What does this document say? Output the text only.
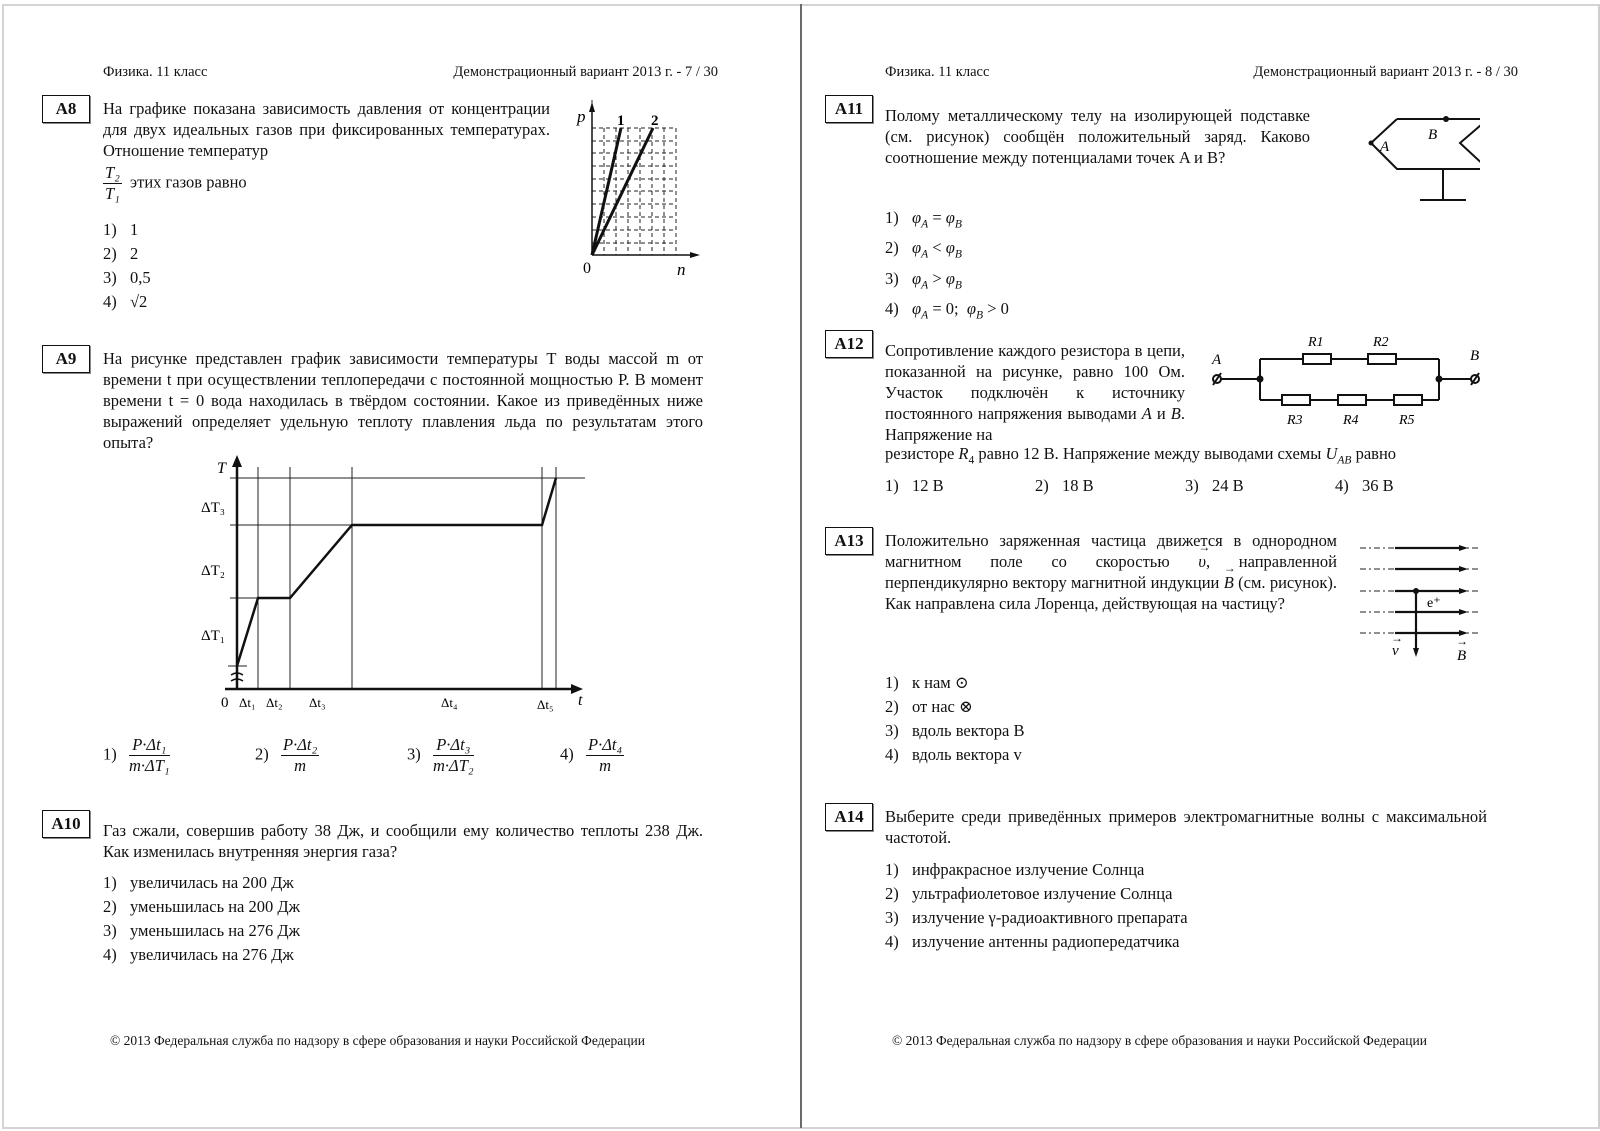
Физика. 11 класс	Демонстрационный вариант 2013 г. - 7 / 30
А8	На графике показана зависимость давления от концентрации для двух идеальных газов при фиксированных температурах. Отношение температур
$\frac{\text{T₂}}{\text{T₁}}$ этих газов равно
1) 1
2) 2
3) 0,5
4) √2
p 1 2
0	n
А9	На рисунке представлен график зависимости температуры T воды массой m от времени t при осуществлении теплопередачи с постоянной мощностью P. В момент времени t = 0 вода находилась в твёрдом состоянии. Какое из приведённых ниже выражений определяет удельную теплоту плавления льда по результатам этого опыта?
T
ΔT₃
ΔT₂
ΔT₁
0 Δt₁ Δt₂ Δt₃	Δt₄	Δt₅ t
$1) \frac{\text{P·Δt₁}}{\text{m·ΔT₁}}$	$2) \frac{\text{P·Δt₂}}{m}$	$3) \frac{\text{P·Δt₃}}{\text{m·ΔT₂}}$	$4) \frac{\text{P·Δt₄}}{m}$
А10	Газ сжали, совершив работу 38 Дж, и сообщили ему количество теплоты 238 Дж. Как изменилась внутренняя энергия газа?
1) увеличилась на 200 Дж
2) уменьшилась на 200 Дж
3) уменьшилась на 276 Дж
4) увеличилась на 276 Дж
© 2013 Федеральная служба по надзору в сфере образования и науки Российской Федерации
Физика. 11 класс	Демонстрационный вариант 2013 г. - 8 / 30
А11	Полому металлическому телу на изолирующей подставке (см. рисунок) сообщён положительный заряд. Каково соотношение между потенциалами точек A и B?
A
B
1) $\varphi_A = \varphi_B$
2) $\varphi_A < \varphi_B$
3) $\varphi_A > \varphi_B$
4) $\varphi_A = 0$;  $\varphi_B > 0$
А12	Сопротивление каждого резистора в цепи, показанной на рисунке, равно 100 Ом. Участок подключён к источнику постоянного напряжения выводами A и B. Напряжение на
резисторе $R_4$ равно 12 В. Напряжение между выводами схемы $U_{AB}$ равно
1) 12 В	2) 18 В	3) 24 В	4) 36 В
A	B
R1	R2
R3	R4	R5
А13	Положительно заряженная частица движется в однородном магнитном поле со скоростью → υ, направленной перпендикулярно вектору магнитной индукции → B (см. рисунок). Как направлена сила Лоренца, действующая на частицу?	e⁺
v	B
→	→
1) к нам ⊙
2) от нас ⊗
3) вдоль вектора B
4) вдоль вектора v
А14	Выберите среди приведённых примеров электромагнитные волны с максимальной частотой.
1) инфракрасное излучение Солнца
2) ультрафиолетовое излучение Солнца
3) излучение γ-радиоактивного препарата
4) излучение антенны радиопередатчика
© 2013 Федеральная служба по надзору в сфере образования и науки Российской Федерации
